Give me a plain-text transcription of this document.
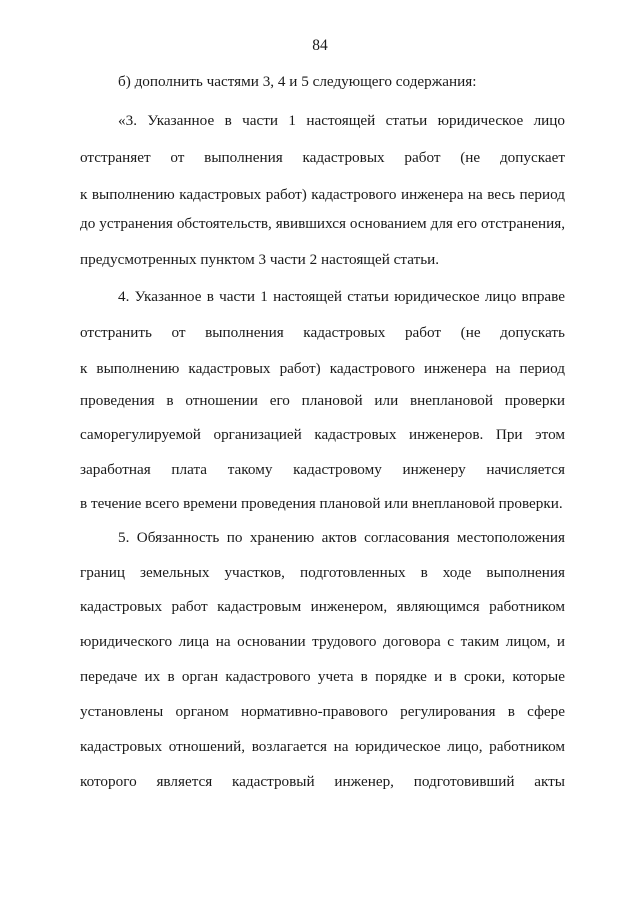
84
б) дополнить частями 3, 4 и 5 следующего содержания:
«3. Указанное в части 1 настоящей статьи юридическое лицо
отстраняет от выполнения кадастровых работ (не допускает
к выполнению кадастровых работ) кадастрового инженера на весь период
до устранения обстоятельств, явившихся основанием для его отстранения,
предусмотренных пунктом 3 части 2 настоящей статьи.
4. Указанное в части 1 настоящей статьи юридическое лицо вправе
отстранить от выполнения кадастровых работ (не допускать
к выполнению кадастровых работ) кадастрового инженера на период
проведения в отношении его плановой или внеплановой проверки
саморегулируемой организацией кадастровых инженеров. При этом
заработная плата такому кадастровому инженеру начисляется
в течение всего времени проведения плановой или внеплановой проверки.
5. Обязанность по хранению актов согласования местоположения
границ земельных участков, подготовленных в ходе выполнения
кадастровых работ кадастровым инженером, являющимся работником
юридического лица на основании трудового договора с таким лицом, и
передаче их в орган кадастрового учета в порядке и в сроки, которые
установлены органом нормативно-правового регулирования в сфере
кадастровых отношений, возлагается на юридическое лицо, работником
которого является кадастровый инженер, подготовивший акты
